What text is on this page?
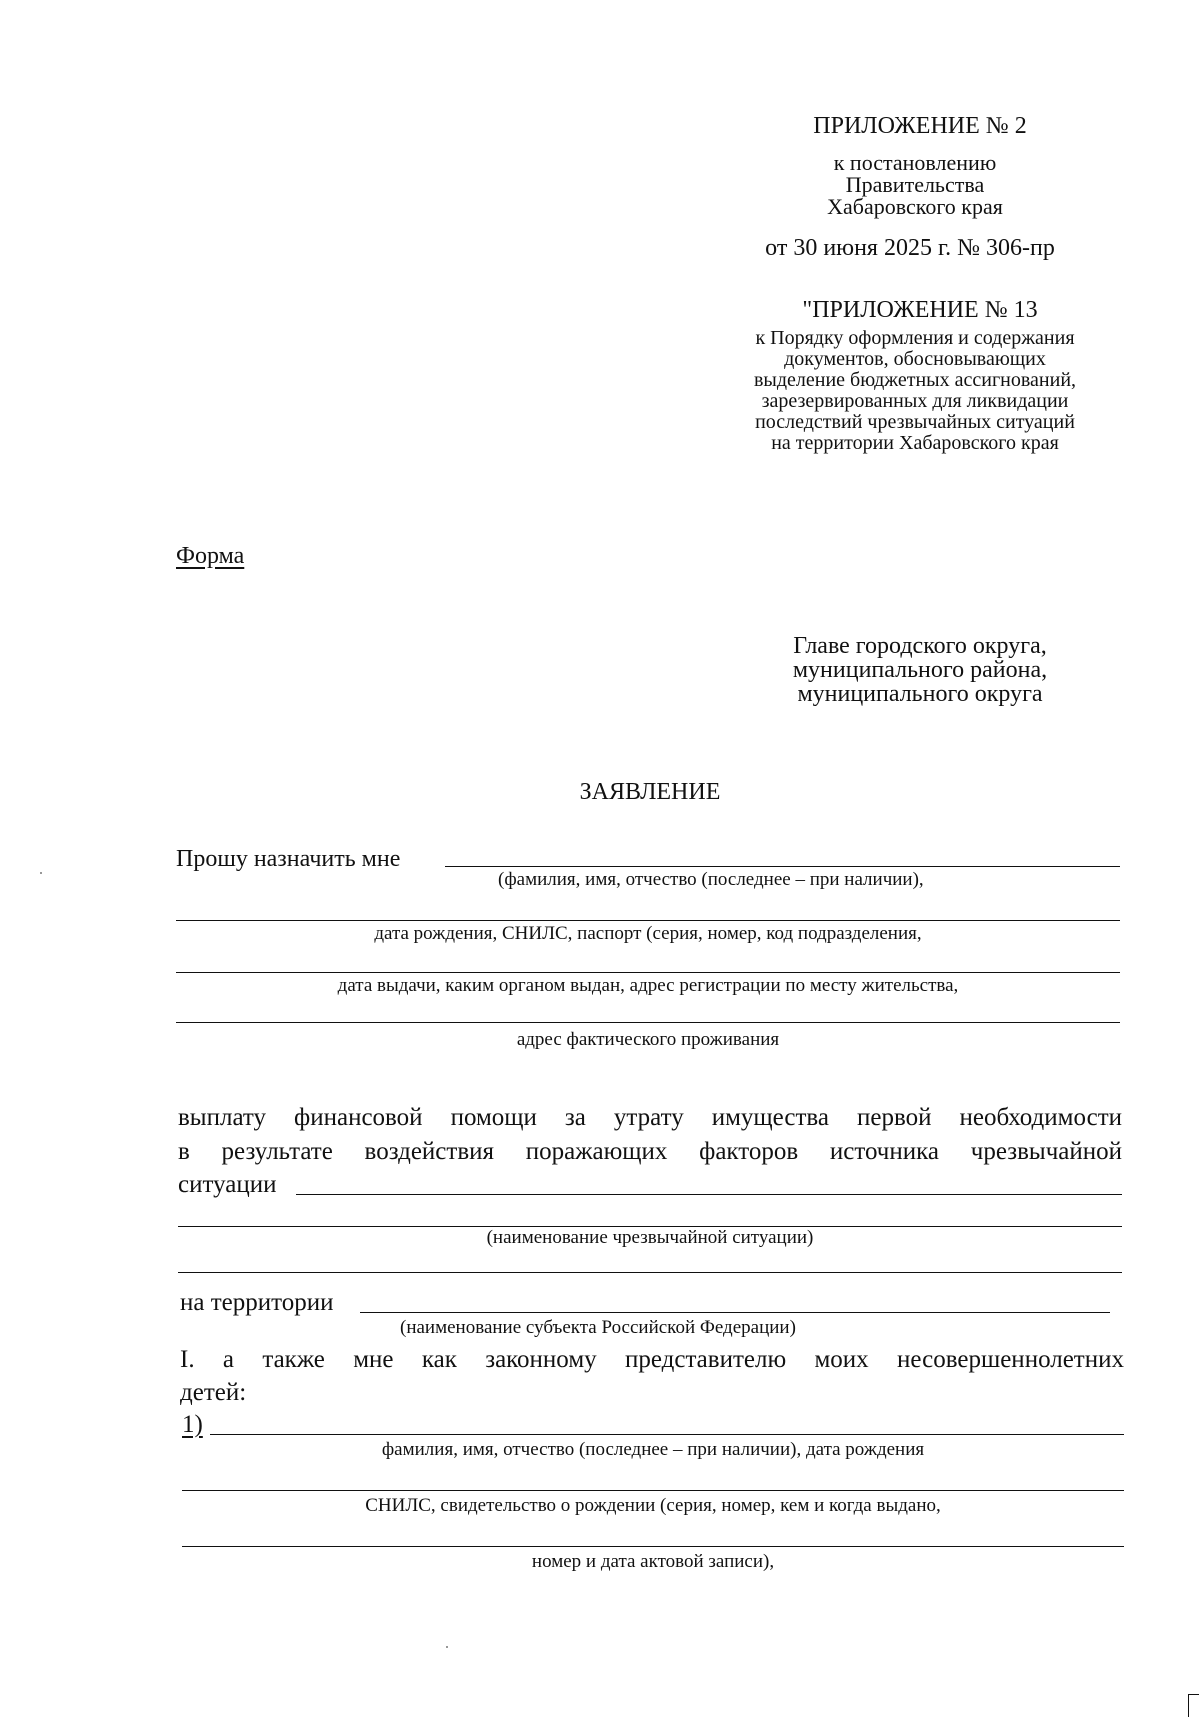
ПРИЛОЖЕНИЕ № 2
к постановлению
Правительства
Хабаровского края
от 30 июня 2025 г. № 306-пр
"ПРИЛОЖЕНИЕ № 13
к Порядку оформления и содержания
документов, обосновывающих
выделение бюджетных ассигнований,
зарезервированных для ликвидации
последствий чрезвычайных ситуаций
на территории Хабаровского края
Форма
Главе городского округа,
муниципального района,
муниципального округа
ЗАЯВЛЕНИЕ
Прошу назначить мне
(фамилия, имя, отчество (последнее – при наличии),
дата рождения, СНИЛС, паспорт (серия, номер, код подразделения,
дата выдачи, каким органом выдан, адрес регистрации по месту жительства,
адрес фактического проживания
выплату финансовой помощи за утрату имущества первой необходимости
в результате воздействия поражающих факторов источника чрезвычайной
ситуации
(наименование чрезвычайной ситуации)
на территории
(наименование субъекта Российской Федерации)
I. а также мне как законному представителю моих несовершеннолетних
детей:
1)
фамилия, имя, отчество (последнее – при наличии), дата рождения
СНИЛС, свидетельство о рождении (серия, номер, кем и когда выдано,
номер и дата актовой записи),
